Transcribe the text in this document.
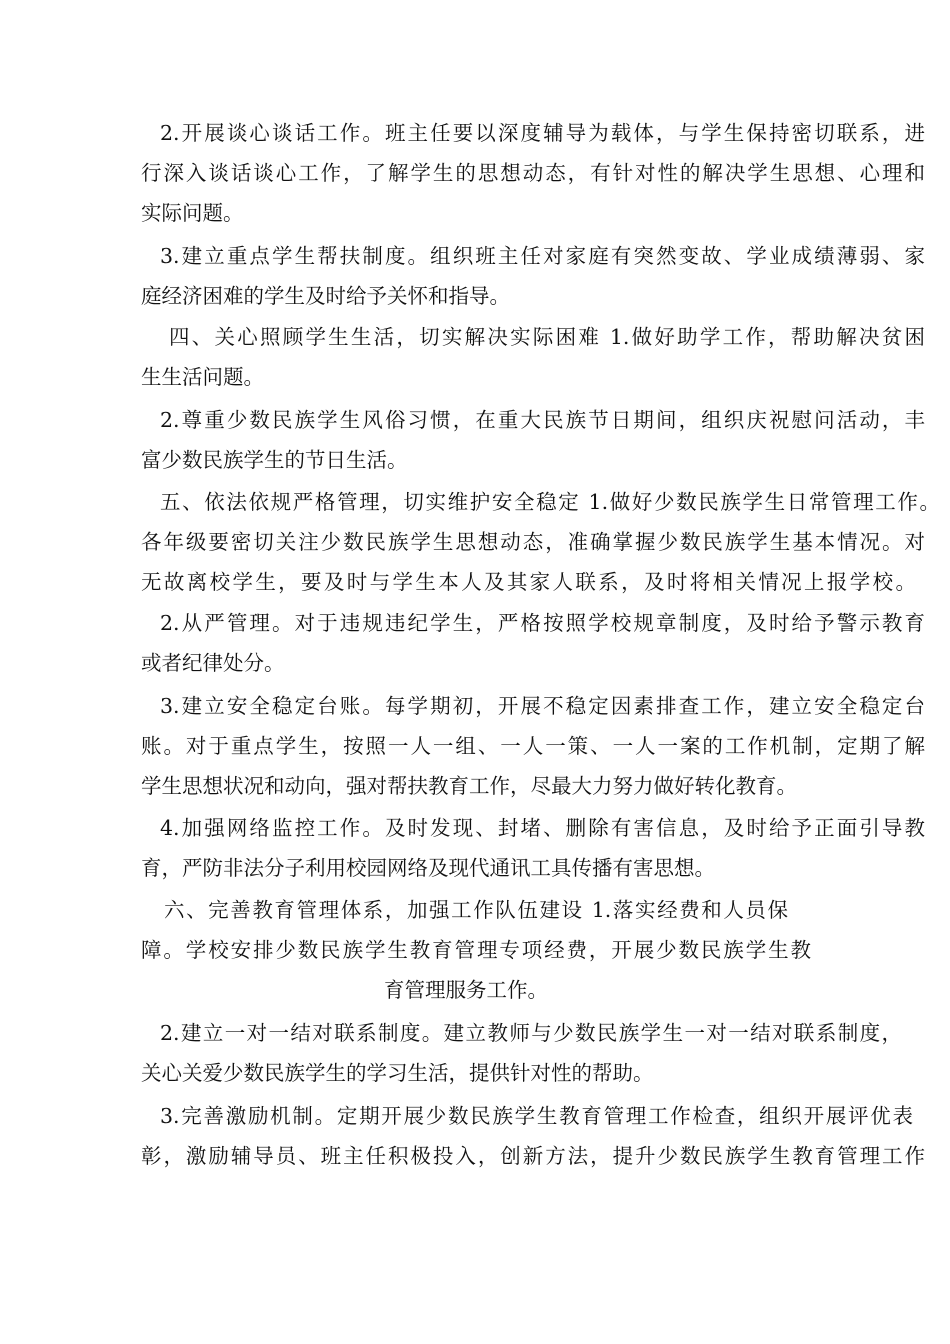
2.开展谈心谈话工作。班主任要以深度辅导为载体，与学生保持密切联系，进
行深入谈话谈心工作，了解学生的思想动态，有针对性的解决学生思想、心理和
实际问题。
3.建立重点学生帮扶制度。组织班主任对家庭有突然变故、学业成绩薄弱、家
庭经济困难的学生及时给予关怀和指导。
四、关心照顾学生生活，切实解决实际困难 1.做好助学工作，帮助解决贫困
生生活问题。
2.尊重少数民族学生风俗习惯，在重大民族节日期间，组织庆祝慰问活动，丰
富少数民族学生的节日生活。
五、依法依规严格管理，切实维护安全稳定 1.做好少数民族学生日常管理工作。
各年级要密切关注少数民族学生思想动态，准确掌握少数民族学生基本情况。对
无故离校学生，要及时与学生本人及其家人联系，及时将相关情况上报学校。
2.从严管理。对于违规违纪学生，严格按照学校规章制度，及时给予警示教育
或者纪律处分。
3.建立安全稳定台账。每学期初，开展不稳定因素排查工作，建立安全稳定台
账。对于重点学生，按照一人一组、一人一策、一人一案的工作机制，定期了解
学生思想状况和动向，强对帮扶教育工作，尽最大力努力做好转化教育。
4.加强网络监控工作。及时发现、封堵、删除有害信息，及时给予正面引导教
育，严防非法分子利用校园网络及现代通讯工具传播有害思想。
六、完善教育管理体系，加强工作队伍建设 1.落实经费和人员保
障。学校安排少数民族学生教育管理专项经费，开展少数民族学生教
育管理服务工作。
2.建立一对一结对联系制度。建立教师与少数民族学生一对一结对联系制度，
关心关爱少数民族学生的学习生活，提供针对性的帮助。
3.完善激励机制。定期开展少数民族学生教育管理工作检查，组织开展评优表
彰，激励辅导员、班主任积极投入，创新方法，提升少数民族学生教育管理工作
